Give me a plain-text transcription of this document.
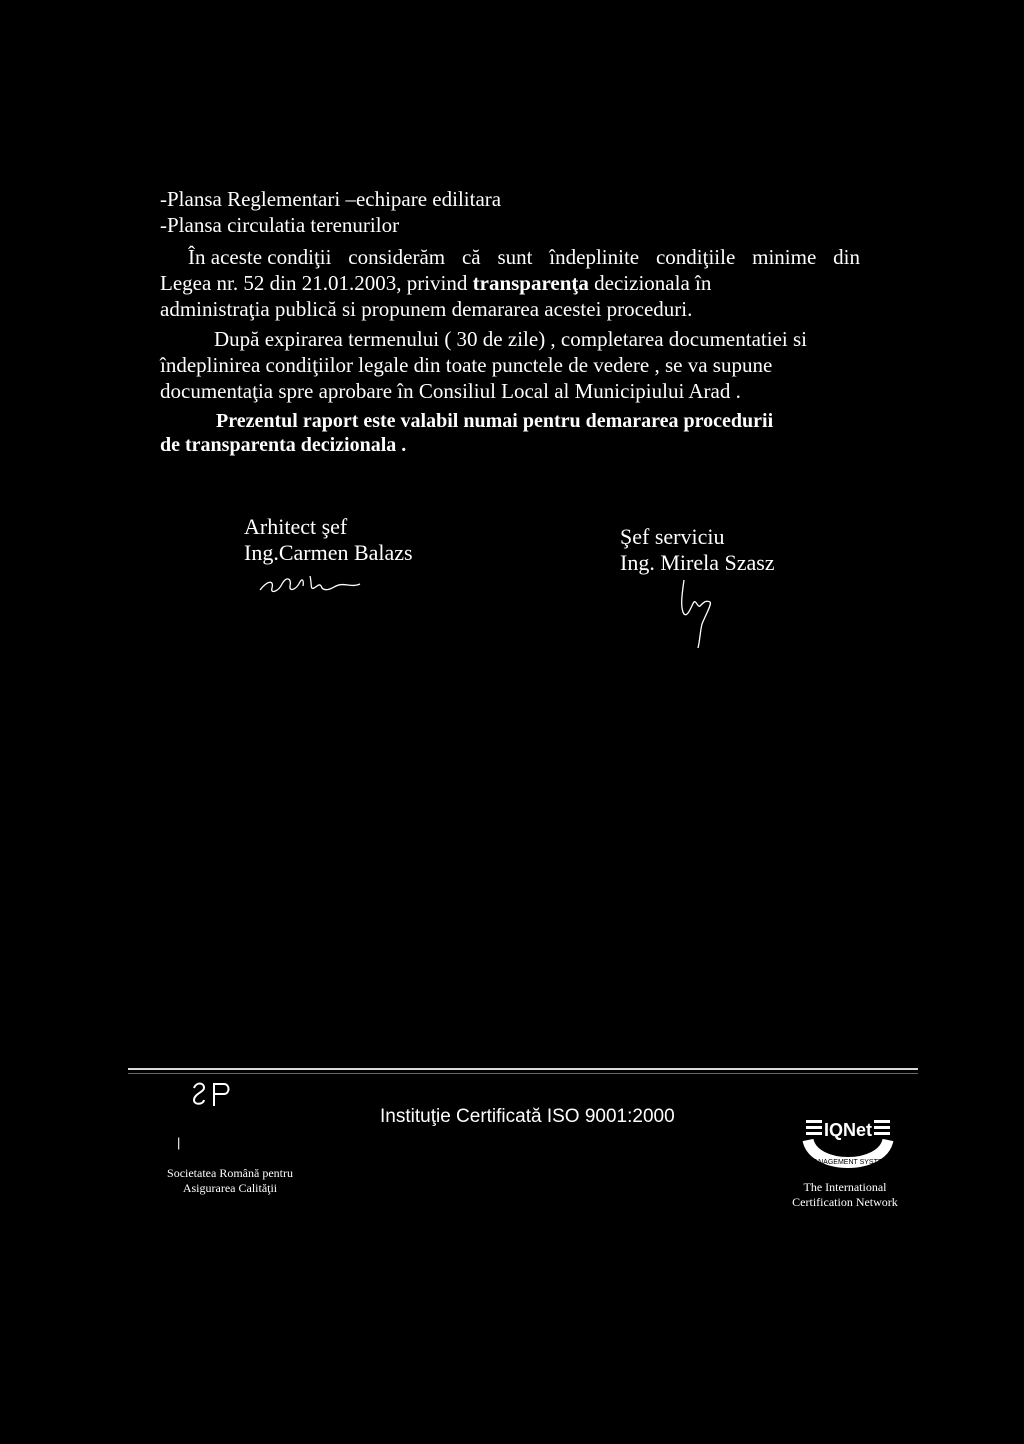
-Plansa Reglementari –echipare edilitara
-Plansa circulatia terenurilor
În aceste condiţii considerăm că sunt îndeplinite condiţiile minime din
Legea nr. 52 din 21.01.2003, privind transparenţa decizionala în
administraţia publică si propunem demararea acestei proceduri.
După expirarea termenului ( 30 de zile) , completarea documentatiei si
îndeplinirea condiţiilor legale din toate punctele de vedere , se va supune
documentaţia spre aprobare în Consiliul Local al Municipiului Arad .
Prezentul raport este valabil numai pentru demararea procedurii
de transparenta decizionala .
Arhitect şef
Ing.Carmen Balazs
Şef serviciu
Ing. Mirela Szasz
|
Societatea Română pentru
Asigurarea Calităţii
Instituţie Certificată ISO 9001:2000
IQNet
MANAGEMENT SYSTEM
The International
Certification Network
